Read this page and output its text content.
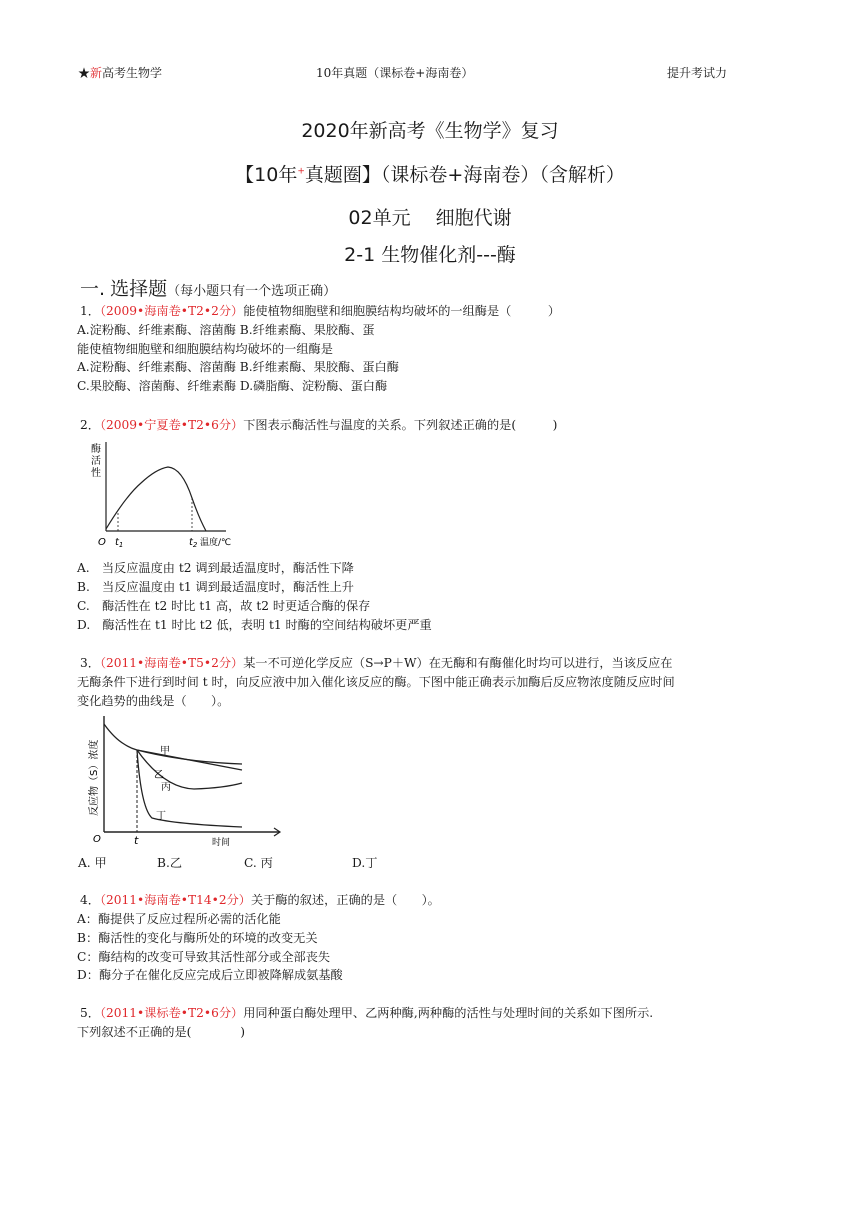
★新高考生物学	10年真题（课标卷+海南卷）	提升考试力
2020年新高考《生物学》复习
【10年+真题圈】（课标卷+海南卷）（含解析）
02单元　 细胞代谢
2-1 生物催化剂---酶
一. 选择题（每小题只有一个选项正确）
1．（2009•海南卷•T2•2分）能使植物细胞壁和细胞膜结构均破坏的一组酶是（　　　）
A.淀粉酶、纤维素酶、溶菌酶 B.纤维素酶、果胶酶、蛋
能使植物细胞壁和细胞膜结构均破坏的一组酶是
A.淀粉酶、纤维素酶、溶菌酶 B.纤维素酶、果胶酶、蛋白酶
C.果胶酶、溶菌酶、纤维素酶 D.磷脂酶、淀粉酶、蛋白酶
2．（2009•宁夏卷•T2•6分）下图表示酶活性与温度的关系。下列叙述正确的是(　　　)
酶
活
性
O $t_1$	$t_2$ 温度/℃
A.　当反应温度由 t2 调到最适温度时，酶活性下降
B.　当反应温度由 t1 调到最适温度时，酶活性上升
C.　酶活性在 t2 时比 t1 高，故 t2 时更适合酶的保存
D.　酶活性在 t1 时比 t2 低，表明 t1 时酶的空间结构破坏更严重
3．（2011•海南卷•T5•2分）某一不可逆化学反应（S→P＋W）在无酶和有酶催化时均可以进行，当该反应在
无酶条件下进行到时间 t 时，向反应液中加入催化该反应的酶。下图中能正确表示加酶后反应物浓度随反应时间
变化趋势的曲线是（　　）。
反应物（S）浓度	甲
乙
丙
丁
O	t	时间
A. 甲	B.乙	C. 丙	D.丁
4．（2011•海南卷•T14•2分）关于酶的叙述，正确的是（　　）。
A：酶提供了反应过程所必需的活化能
B：酶活性的变化与酶所处的环境的改变无关
C：酶结构的改变可导致其活性部分或全部丧失
D：酶分子在催化反应完成后立即被降解成氨基酸
5．（2011•课标卷•T2•6分）用同种蛋白酶处理甲、乙两种酶,两种酶的活性与处理时间的关系如下图所示.
下列叙述不正确的是(　　　　)
